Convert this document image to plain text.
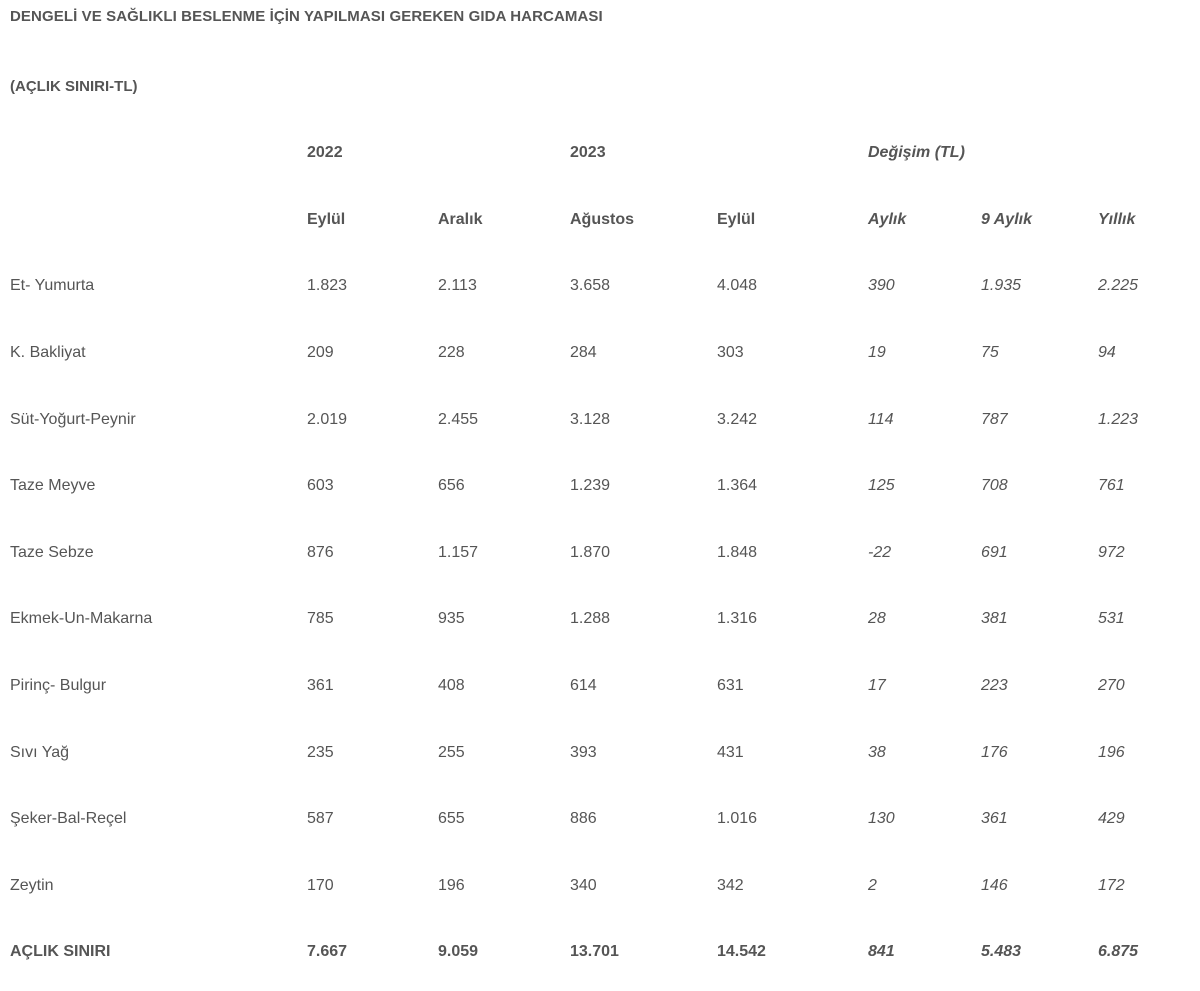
DENGELİ VE SAĞLIKLI BESLENME İÇİN YAPILMASI GEREKEN GIDA HARCAMASI
(AÇLIK SINIRI-TL)
	2022		2023		Değişim (TL)		
	Eylül	Aralık	Ağustos	Eylül	Aylık	9 Aylık	Yıllık
Et- Yumurta	1.823	2.113	3.658	4.048	390	1.935	2.225
K. Bakliyat	209	228	284	303	19	75	94
Süt-Yoğurt-Peynir	2.019	2.455	3.128	3.242	114	787	1.223
Taze Meyve	603	656	1.239	1.364	125	708	761
Taze Sebze	876	1.157	1.870	1.848	-22	691	972
Ekmek-Un-Makarna	785	935	1.288	1.316	28	381	531
Pirinç- Bulgur	361	408	614	631	17	223	270
Sıvı Yağ	235	255	393	431	38	176	196
Şeker-Bal-Reçel	587	655	886	1.016	130	361	429
Zeytin	170	196	340	342	2	146	172
AÇLIK SINIRI	7.667	9.059	13.701	14.542	841	5.483	6.875
